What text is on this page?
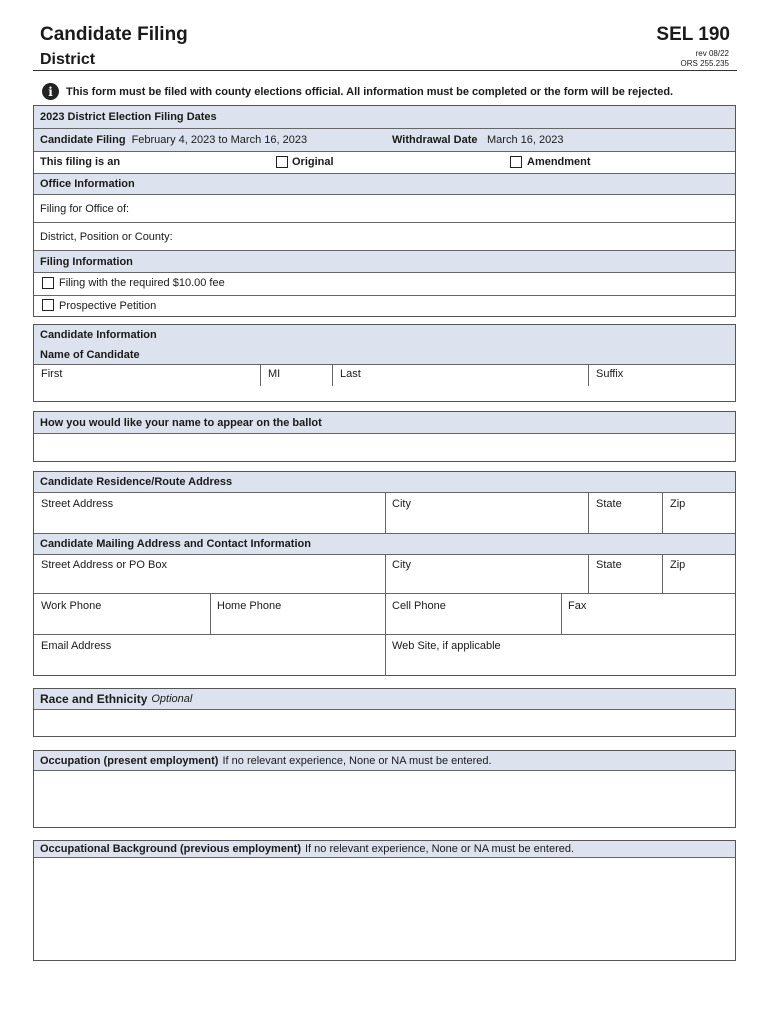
Candidate Filing
District
SEL 190
rev 08/22
ORS 255.235
i	This form must be filed with county elections official. All information must be completed or the form will be rejected.
2023 District Election Filing Dates
Candidate Filing February 4, 2023 to March 16, 2023	Withdrawal Date March 16, 2023
This filing is an	Original	Amendment
Office Information
Filing for Office of:
District, Position or County:
Filing Information
Filing with the required $10.00 fee
Prospective Petition
Candidate Information
Name of Candidate
First	MI	Last	Suffix
How you would like your name to appear on the ballot
Candidate Residence/Route Address
Street Address	City	State	Zip
Candidate Mailing Address and Contact Information
Street Address or PO Box	City	State	Zip
Work Phone	Home Phone	Cell Phone	Fax
Email Address	Web Site, if applicable
Race and Ethnicity Optional
Occupation (present employment) If no relevant experience, None or NA must be entered.
Occupational Background (previous employment) If no relevant experience, None or NA must be entered.
